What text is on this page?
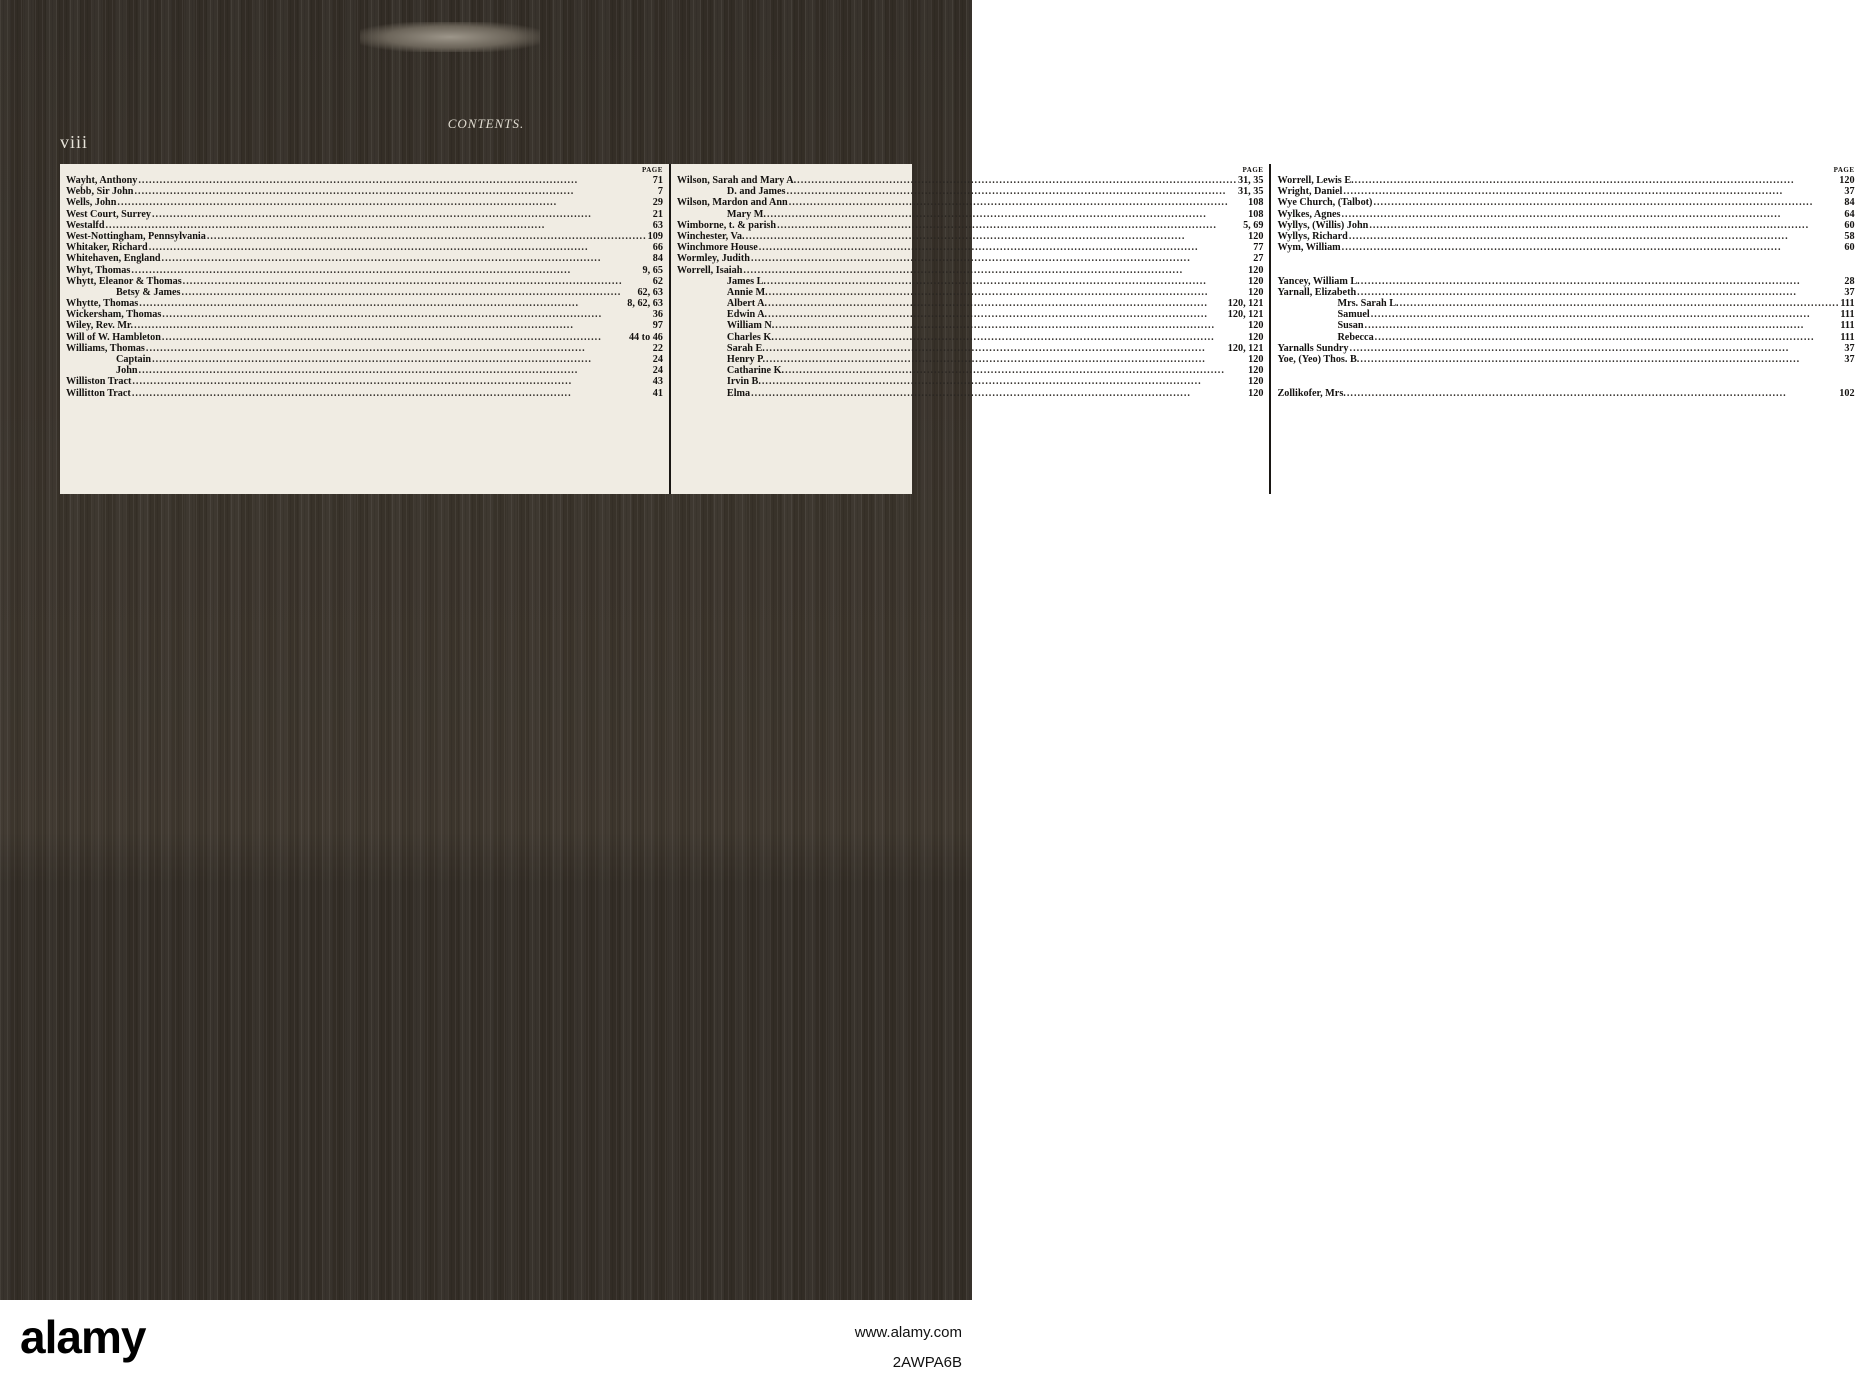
viii
CONTENTS.
PAGE
Wayht, Anthony .....	71
Webb, Sir John .....	7
Wells, John .....	29
West Court, Surrey .....	21
Westalfd .....	63
West-Nottingham, Pennsylvania .....	109
Whitaker, Richard .....	66
Whitehaven, England .....	84
Whyt, Thomas .....	9, 65
Whytt, Eleanor & Thomas .....	62
Betsy & James .....	62, 63
Whytte, Thomas .....	8, 62, 63
Wickersham, Thomas .....	36
Wiley, Rev. Mr. .....	97
Will of W. Hambleton .....	44 to 46
Williams, Thomas .....	22
Captain .....	24
John .....	24
Williston Tract .....	43
Willitton Tract .....	41
PAGE
Wilson, Sarah and Mary A. .....	31, 35
D. and James .....	31, 35
Wilson, Mardon and Ann .....	108
Mary M. .....	108
Wimborne, t. & parish .....	5, 69
Winchester, Va. .....	120
Winchmore House .....	77
Wormley, Judith .....	27
Worrell, Isaiah .....	120
James L. .....	120
Annie M. .....	120
Albert A. .....	120, 121
Edwin A. .....	120, 121
William N. .....	120
Charles K. .....	120
Sarah E. .....	120, 121
Henry P. .....	120
Catharine K. .....	120
Irvin B. .....	120
Elma .....	120
PAGE
Worrell, Lewis E. .....	120
Wright, Daniel .....	37
Wye Church, (Talbot) .....	84
Wylkes, Agnes .....	64
Wyllys, (Willis) John .....	60
Wyllys, Richard .....	58
Wym, William .....	60
Yancey, William L. .....	28
Yarnall, Elizabeth .....	37
Mrs. Sarah L. .....	111
Samuel .....	111
Susan .....	111
Rebecca .....	111
Yarnalls Sundry .....	37
Yoe, (Yeo) Thos. B. .....	37
Zollikofer, Mrs. .....	102
alamy	www.alamy.com
2AWPA6B
